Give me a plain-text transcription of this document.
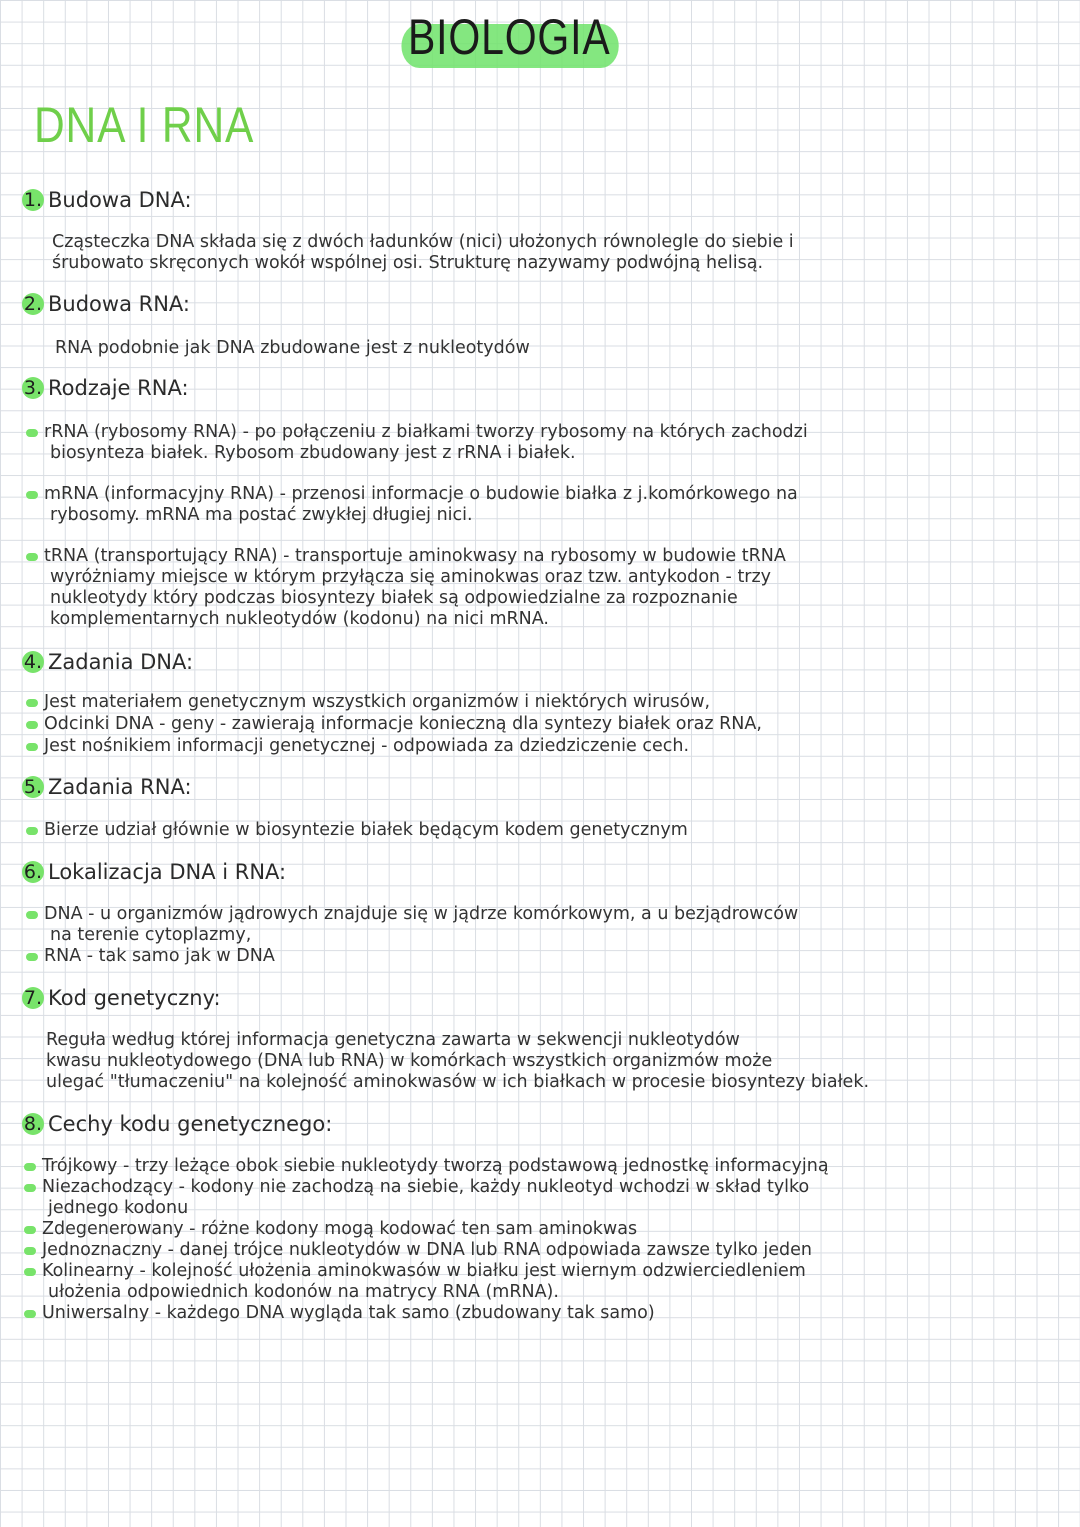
BIOLOGIA
DNA I RNA
1. Budowa DNA:
Cząsteczka DNA składa się z dwóch ładunków (nici) ułożonych równolegle do siebie i
śrubowato skręconych wokół wspólnej osi. Strukturę nazywamy podwójną helisą.
2. Budowa RNA:
RNA podobnie jak DNA zbudowane jest z nukleotydów
3. Rodzaje RNA:
rRNA (rybosomy RNA) - po połączeniu z białkami tworzy rybosomy na których zachodzi
biosynteza białek. Rybosom zbudowany jest z rRNA i białek.
mRNA (informacyjny RNA) - przenosi informacje o budowie białka z j.komórkowego na
rybosomy. mRNA ma postać zwykłej długiej nici.
tRNA (transportujący RNA) - transportuje aminokwasy na rybosomy w budowie tRNA
wyróżniamy miejsce w którym przyłącza się aminokwas oraz tzw. antykodon - trzy
nukleotydy który podczas biosyntezy białek są odpowiedzialne za rozpoznanie
komplementarnych nukleotydów (kodonu) na nici mRNA.
4. Zadania DNA:
Jest materiałem genetycznym wszystkich organizmów i niektórych wirusów,
Odcinki DNA - geny - zawierają informacje konieczną dla syntezy białek oraz RNA,
Jest nośnikiem informacji genetycznej - odpowiada za dziedziczenie cech.
5. Zadania RNA:
Bierze udział głównie w biosyntezie białek będącym kodem genetycznym
6. Lokalizacja DNA i RNA:
DNA - u organizmów jądrowych znajduje się w jądrze komórkowym, a u bezjądrowców
na terenie cytoplazmy,
RNA - tak samo jak w DNA
7. Kod genetyczny:
Reguła według której informacja genetyczna zawarta w sekwencji nukleotydów
kwasu nukleotydowego (DNA lub RNA) w komórkach wszystkich organizmów może
ulegać "tłumaczeniu" na kolejność aminokwasów w ich białkach w procesie biosyntezy białek.
8. Cechy kodu genetycznego:
Trójkowy - trzy leżące obok siebie nukleotydy tworzą podstawową jednostkę informacyjną
Niezachodzący - kodony nie zachodzą na siebie, każdy nukleotyd wchodzi w skład tylko
jednego kodonu
Zdegenerowany - różne kodony mogą kodować ten sam aminokwas
Jednoznaczny - danej trójce nukleotydów w DNA lub RNA odpowiada zawsze tylko jeden
Kolinearny - kolejność ułożenia aminokwasów w białku jest wiernym odzwierciedleniem
ułożenia odpowiednich kodonów na matrycy RNA (mRNA).
Uniwersalny - każdego DNA wygląda tak samo (zbudowany tak samo)
